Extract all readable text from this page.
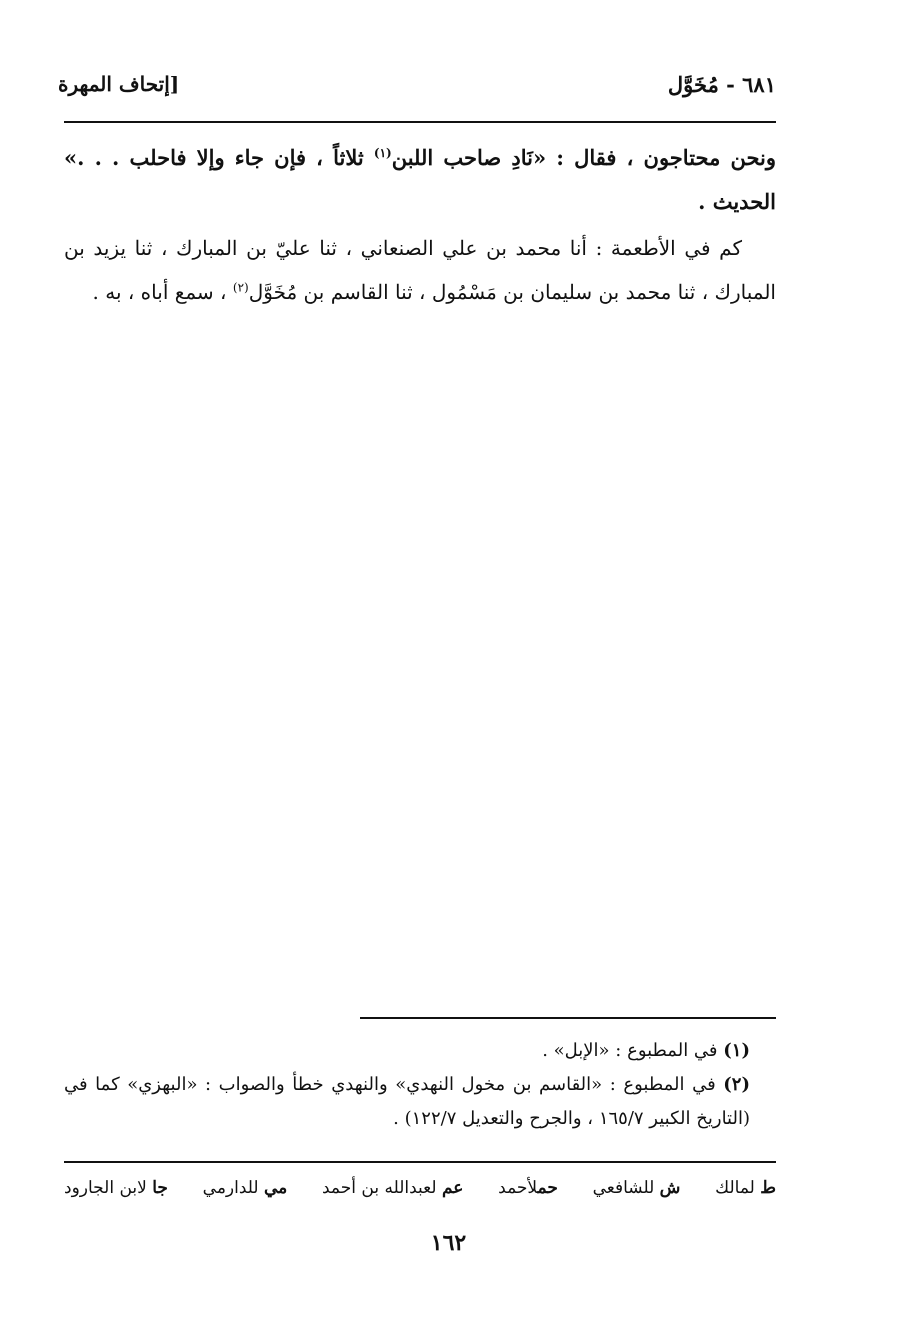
٦٨١ - مُخَوَّل
[إتحاف المهرة

ونحن محتاجون ، فقال : «نَادِ صاحب اللبن$^{(١)}$ ثلاثاً ، فإن جاء وإلا فاحلب . . .» الحديث .

كم في الأطعمة : أنا محمد بن علي الصنعاني ، ثنا عليّ بن المبارك ، ثنا يزيد بن المبارك ، ثنا محمد بن سليمان بن مَسْمُول ، ثنا القاسم بن مُخَوَّل$^{(٢)}$ ، سمع أباه ، به .

(١) في المطبوع : «الإبل» .

(٢) في المطبوع : «القاسم بن مخول النهدي» والنهدي خطأ والصواب : «البهزي» كما في (التاريخ الكبير ١٦٥/٧ ، والجرح والتعديل ١٢٢/٧) .

ط لمالك
ش للشافعي
حملأحمد
عم لعبدالله بن أحمد
مي للدارمي
جا لابن الجارود
١٦٢
